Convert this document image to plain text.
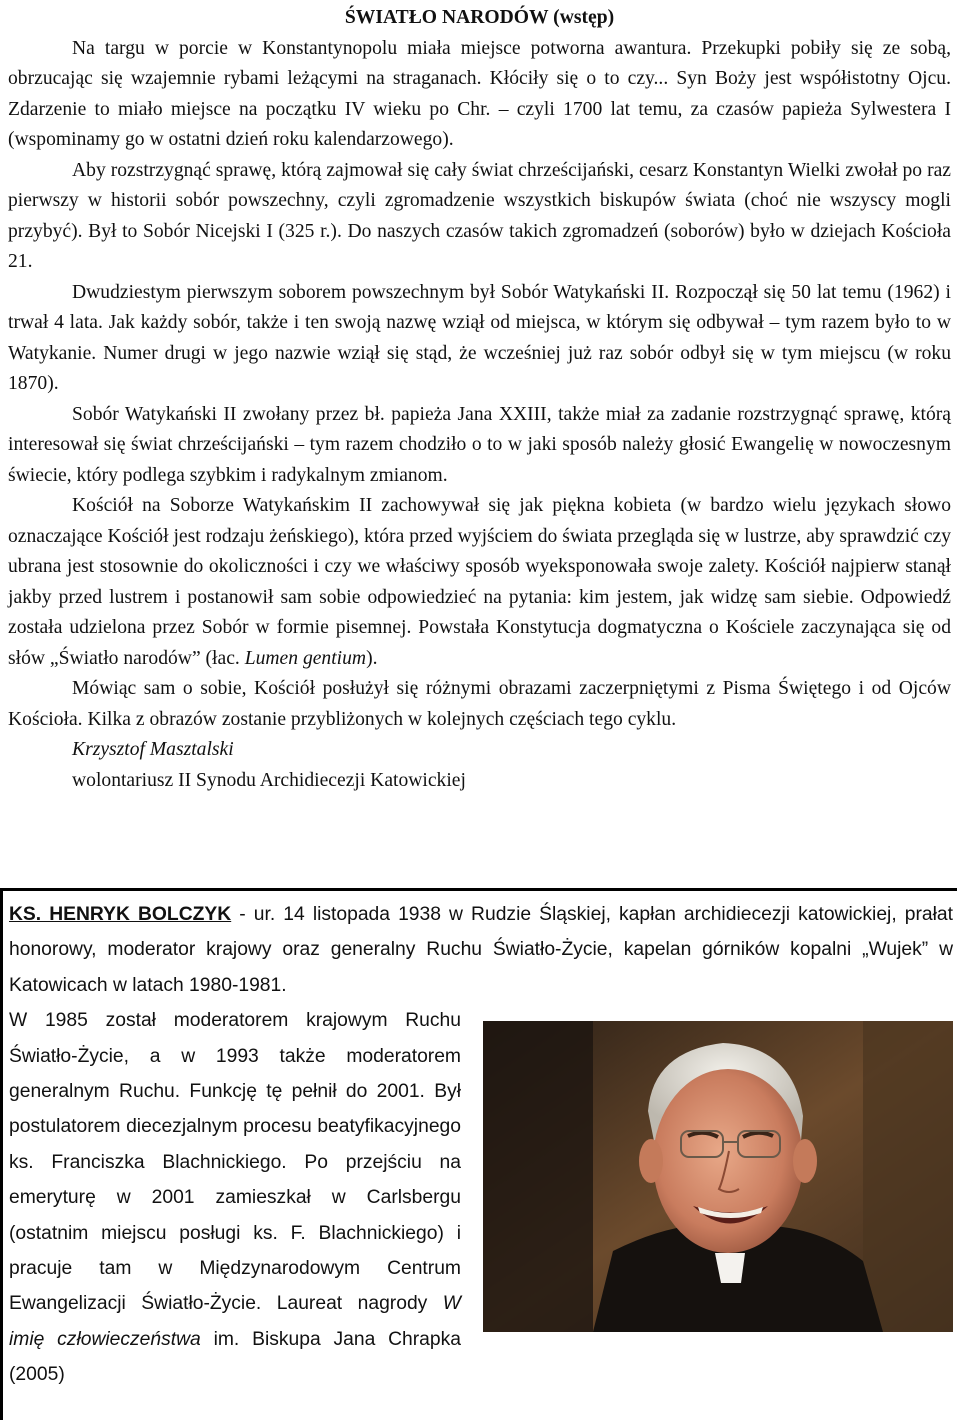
ŚWIATŁO NARODÓW (wstęp)

Na targu w porcie w Konstantynopolu miała miejsce potworna awantura. Przekupki pobiły się ze sobą, obrzucając się wzajemnie rybami leżącymi na straganach. Kłóciły się o to czy... Syn Boży jest współistotny Ojcu. Zdarzenie to miało miejsce na początku IV wieku po Chr. – czyli 1700 lat temu, za czasów papieża Sylwestera I (wspominamy go w ostatni dzień roku kalendarzowego).

Aby rozstrzygnąć sprawę, którą zajmował się cały świat chrześcijański, cesarz Konstantyn Wielki zwołał po raz pierwszy w historii sobór powszechny, czyli zgromadzenie wszystkich biskupów świata (choć nie wszyscy mogli przybyć). Był to Sobór Nicejski I (325 r.). Do naszych czasów takich zgromadzeń (soborów) było w dziejach Kościoła 21.

Dwudziestym pierwszym soborem powszechnym był Sobór Watykański II. Rozpoczął się 50 lat temu (1962) i trwał 4 lata. Jak każdy sobór, także i ten swoją nazwę wziął od miejsca, w którym się odbywał – tym razem było to w Watykanie. Numer drugi w jego nazwie wziął się stąd, że wcześniej już raz sobór odbył się w tym miejscu (w roku 1870).

Sobór Watykański II zwołany przez bł. papieża Jana XXIII, także miał za zadanie rozstrzygnąć sprawę, którą interesował się świat chrześcijański – tym razem chodziło o to w jaki sposób należy głosić Ewangelię w nowoczesnym świecie, który podlega szybkim i radykalnym zmianom.

Kościół na Soborze Watykańskim II zachowywał się jak piękna kobieta (w bardzo wielu językach słowo oznaczające Kościół jest rodzaju żeńskiego), która przed wyjściem do świata przegląda się w lustrze, aby sprawdzić czy ubrana jest stosownie do okoliczności i czy we właściwy sposób wyeksponowała swoje zalety. Kościół najpierw stanął jakby przed lustrem i postanowił sam sobie odpowiedzieć na pytania: kim jestem, jak widzę sam siebie. Odpowiedź została udzielona przez Sobór w formie pisemnej. Powstała Konstytucja dogmatyczna o Kościele zaczynająca się od słów „Światło narodów” (łac. Lumen gentium).

Mówiąc sam o sobie, Kościół posłużył się różnymi obrazami zaczerpniętymi z Pisma Świętego i od Ojców Kościoła. Kilka z obrazów zostanie przybliżonych w kolejnych częściach tego cyklu.

Krzysztof Masztalski

wolontariusz II Synodu Archidiecezji Katowickiej

KS. HENRYK BOLCZYK - ur. 14 listopada 1938 w Rudzie Śląskiej, kapłan archidiecezji katowickiej, prałat honorowy, moderator krajowy oraz generalny Ruchu Światło-Życie, kapelan górników kopalni „Wujek” w Katowicach w latach 1980-1981.

W 1985 został moderatorem krajowym Ruchu Światło-Życie, a w 1993 także moderatorem generalnym Ruchu. Funkcję tę pełnił do 2001. Był postulatorem diecezjalnym procesu beatyfikacyjnego ks. Franciszka Blachnickiego. Po przejściu na emeryturę w 2001 zamieszkał w Carlsbergu (ostatnim miejscu posługi ks. F. Blachnickiego) i pracuje tam w Międzynarodowym Centrum Ewangelizacji Światło-Życie. Laureat nagrody W imię człowieczeństwa im. Biskupa Jana Chrapka (2005)
